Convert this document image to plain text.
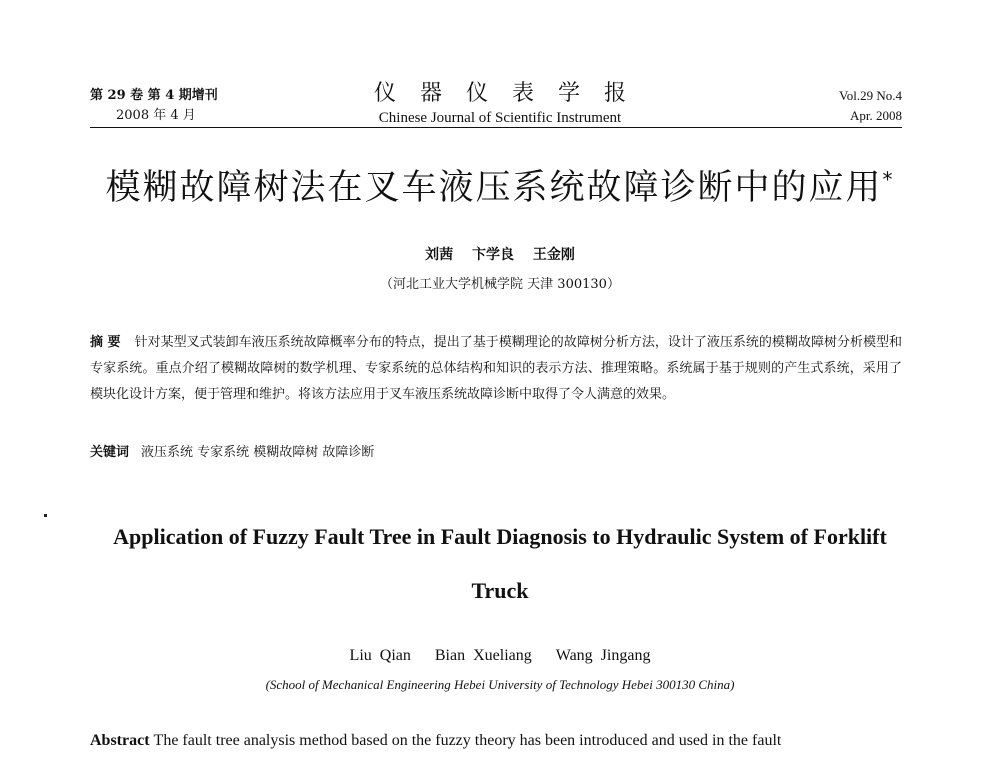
第 29 卷 第 4 期增刊
2008 年 4 月
仪器仪表学报
Chinese Journal of Scientific Instrument
Vol.29 No.4
Apr. 2008
模糊故障树法在叉车液压系统故障诊断中的应用*
刘茜 卞学良 王金刚
（河北工业大学机械学院 天津 300130）
摘 要 针对某型叉式装卸车液压系统故障概率分布的特点，提出了基于模糊理论的故障树分析方法，设计了液压系统的模糊故障树分析模型和专家系统。重点介绍了模糊故障树的数学机理、专家系统的总体结构和知识的表示方法、推理策略。系统属于基于规则的产生式系统，采用了模块化设计方案，便于管理和维护。将该方法应用于叉车液压系统故障诊断中取得了令人满意的效果。
关键词 液压系统 专家系统 模糊故障树 故障诊断
Application of Fuzzy Fault Tree in Fault Diagnosis to Hydraulic System of Forklift Truck
Liu Qian Bian Xueliang Wang Jingang
(School of Mechanical Engineering Hebei University of Technology Hebei 300130 China)
Abstract The fault tree analysis method based on the fuzzy theory has been introduced and used in the fault
